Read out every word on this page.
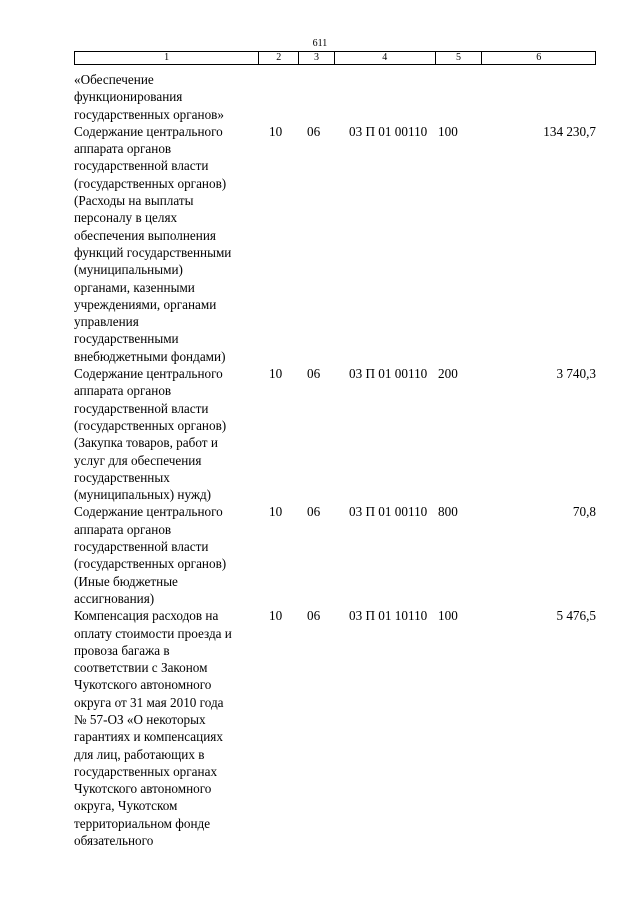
611
1	2	3	4	5	6
«Обеспечение
функционирования
государственных органов»
Содержание центрального
аппарата органов
государственной власти
(государственных органов)
(Расходы на выплаты
персоналу в целях
обеспечения выполнения
функций государственными
(муниципальными)
органами, казенными
учреждениями, органами
управления
государственными
внебюджетными фондами)
10	06	03 П 01 00110 100	134 230,7
Содержание центрального
аппарата органов
государственной власти
(государственных органов)
(Закупка товаров, работ и
услуг для обеспечения
государственных
(муниципальных) нужд)
10	06	03 П 01 00110 200	3 740,3
Содержание центрального
аппарата органов
государственной власти
(государственных органов)
(Иные бюджетные
ассигнования)
10	06	03 П 01 00110 800	70,8
Компенсация расходов на
оплату стоимости проезда и
провоза багажа в
соответствии с Законом
Чукотского автономного
округа от 31 мая 2010 года
№ 57-ОЗ «О некоторых
гарантиях и компенсациях
для лиц, работающих в
государственных органах
Чукотского автономного
округа, Чукотском
территориальном фонде
обязательного
10	06	03 П 01 10110 100	5 476,5
